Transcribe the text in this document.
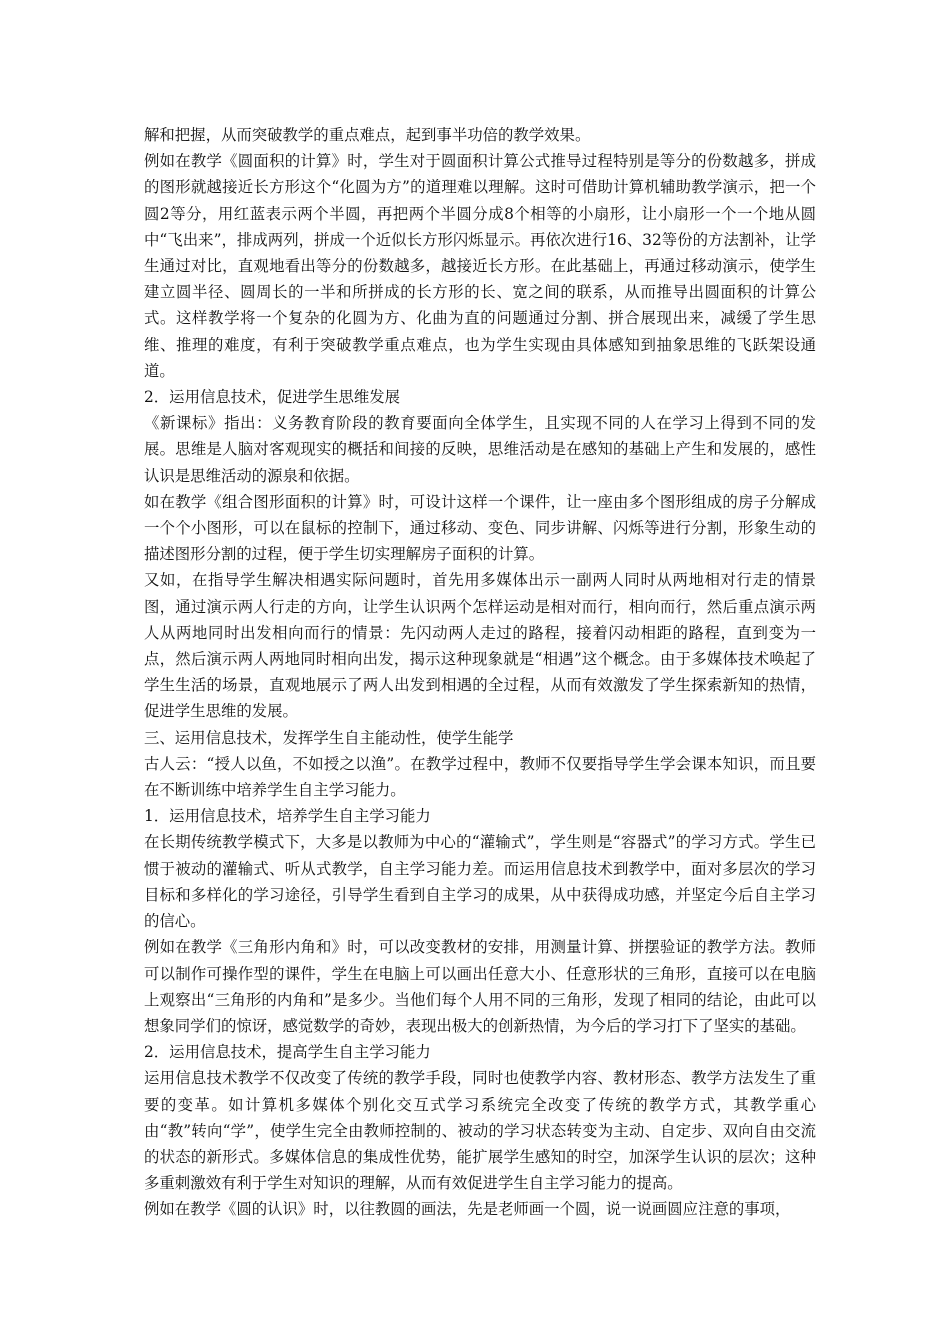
解和把握，从而突破教学的重点难点，起到事半功倍的教学效果。

例如在教学《圆面积的计算》时，学生对于圆面积计算公式推导过程特别是等分的份数越多，拼成的图形就越接近长方形这个“化圆为方”的道理难以理解。这时可借助计算机辅助教学演示，把一个圆2等分，用红蓝表示两个半圆，再把两个半圆分成8个相等的小扇形，让小扇形一个一个地从圆中“飞出来”，排成两列，拼成一个近似长方形闪烁显示。再依次进行16、32等份的方法割补，让学生通过对比，直观地看出等分的份数越多，越接近长方形。在此基础上，再通过移动演示，使学生建立圆半径、圆周长的一半和所拼成的长方形的长、宽之间的联系，从而推导出圆面积的计算公式。这样教学将一个复杂的化圆为方、化曲为直的问题通过分割、拼合展现出来，减缓了学生思维、推理的难度，有利于突破教学重点难点，也为学生实现由具体感知到抽象思维的飞跃架设通道。

2．运用信息技术，促进学生思维发展

《新课标》指出：义务教育阶段的教育要面向全体学生，且实现不同的人在学习上得到不同的发展。思维是人脑对客观现实的概括和间接的反映，思维活动是在感知的基础上产生和发展的，感性认识是思维活动的源泉和依据。

如在教学《组合图形面积的计算》时，可设计这样一个课件，让一座由多个图形组成的房子分解成一个个小图形，可以在鼠标的控制下，通过移动、变色、同步讲解、闪烁等进行分割，形象生动的描述图形分割的过程，便于学生切实理解房子面积的计算。

又如，在指导学生解决相遇实际问题时，首先用多媒体出示一副两人同时从两地相对行走的情景图，通过演示两人行走的方向，让学生认识两个怎样运动是相对而行，相向而行，然后重点演示两人从两地同时出发相向而行的情景：先闪动两人走过的路程，接着闪动相距的路程，直到变为一点，然后演示两人两地同时相向出发，揭示这种现象就是“相遇”这个概念。由于多媒体技术唤起了学生生活的场景，直观地展示了两人出发到相遇的全过程，从而有效激发了学生探索新知的热情，促进学生思维的发展。

三、运用信息技术，发挥学生自主能动性，使学生能学

古人云：“授人以鱼，不如授之以渔”。在教学过程中，教师不仅要指导学生学会课本知识，而且要在不断训练中培养学生自主学习能力。

1．运用信息技术，培养学生自主学习能力

在长期传统教学模式下，大多是以教师为中心的“灌输式”，学生则是“容器式”的学习方式。学生已惯于被动的灌输式、听从式教学，自主学习能力差。而运用信息技术到教学中，面对多层次的学习目标和多样化的学习途径，引导学生看到自主学习的成果，从中获得成功感，并坚定今后自主学习的信心。

例如在教学《三角形内角和》时，可以改变教材的安排，用测量计算、拼摆验证的教学方法。教师可以制作可操作型的课件，学生在电脑上可以画出任意大小、任意形状的三角形，直接可以在电脑上观察出“三角形的内角和”是多少。当他们每个人用不同的三角形，发现了相同的结论，由此可以想象同学们的惊讶，感觉数学的奇妙，表现出极大的创新热情，为今后的学习打下了坚实的基础。

2．运用信息技术，提高学生自主学习能力

运用信息技术教学不仅改变了传统的教学手段，同时也使教学内容、教材形态、教学方法发生了重要的变革。如计算机多媒体个别化交互式学习系统完全改变了传统的教学方式，其教学重心由“教”转向“学”，使学生完全由教师控制的、被动的学习状态转变为主动、自定步、双向自由交流的状态的新形式。多媒体信息的集成性优势，能扩展学生感知的时空，加深学生认识的层次；这种多重刺激效有利于学生对知识的理解，从而有效促进学生自主学习能力的提高。

例如在教学《圆的认识》时，以往教圆的画法，先是老师画一个圆，说一说画圆应注意的事项，
